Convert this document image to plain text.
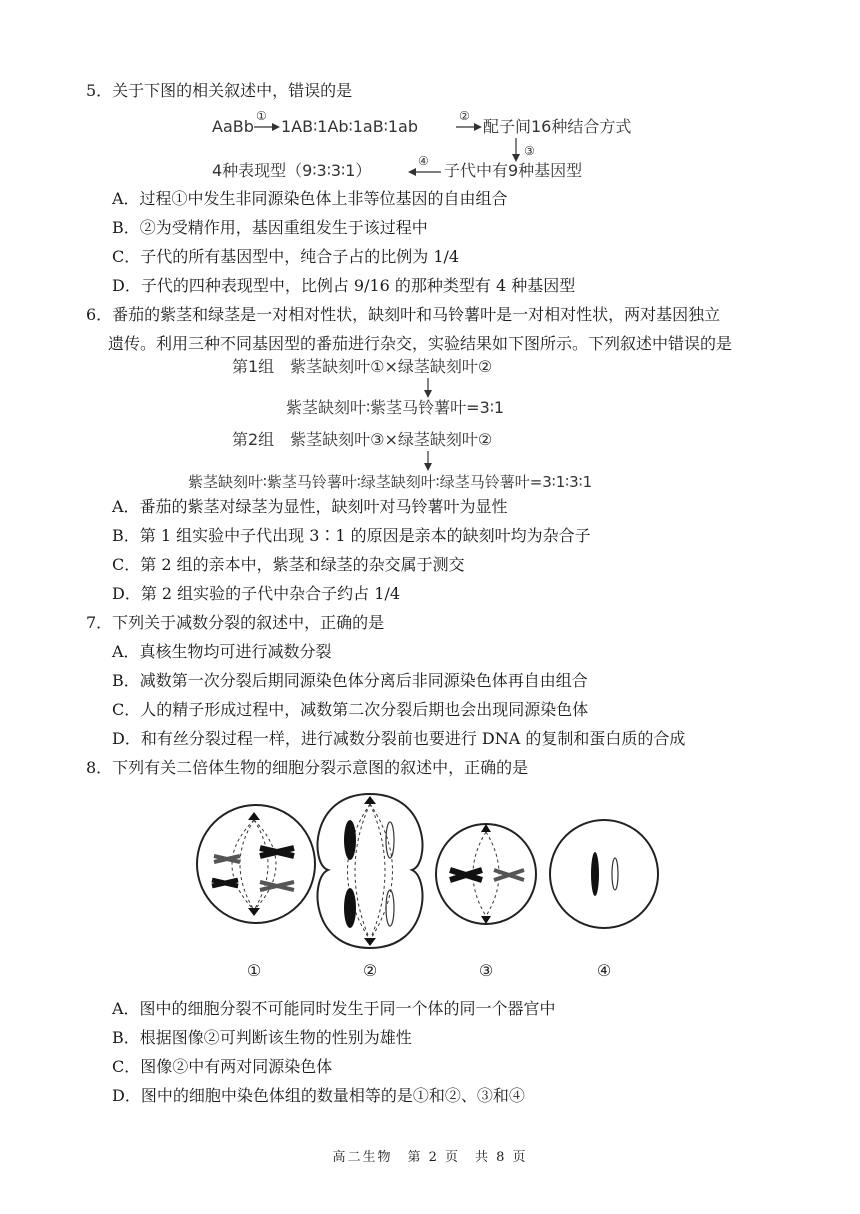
5．关于下图的相关叙述中，错误的是
AaBb
①
1AB∶1Ab∶1aB∶1ab
②
配子间16种结合方式
③
4种表现型（9∶3∶3∶1）	④ 子代中有9种基因型
A．过程①中发生非同源染色体上非等位基因的自由组合
B．②为受精作用，基因重组发生于该过程中
C．子代的所有基因型中，纯合子占的比例为 1/4
D．子代的四种表现型中，比例占 9/16 的那种类型有 4 种基因型
6．番茄的紫茎和绿茎是一对相对性状，缺刻叶和马铃薯叶是一对相对性状，两对基因独立
遗传。利用三种不同基因型的番茄进行杂交，实验结果如下图所示。下列叙述中错误的是
第1组　紫茎缺刻叶①×绿茎缺刻叶②
紫茎缺刻叶∶紫茎马铃薯叶=3∶1
第2组　紫茎缺刻叶③×绿茎缺刻叶②
紫茎缺刻叶∶紫茎马铃薯叶∶绿茎缺刻叶∶绿茎马铃薯叶=3∶1∶3∶1
A．番茄的紫茎对绿茎为显性，缺刻叶对马铃薯叶为显性
B．第 1 组实验中子代出现 3∶1 的原因是亲本的缺刻叶均为杂合子
C．第 2 组的亲本中，紫茎和绿茎的杂交属于测交
D．第 2 组实验的子代中杂合子约占 1/4
7．下列关于减数分裂的叙述中，正确的是
A．真核生物均可进行减数分裂
B．减数第一次分裂后期同源染色体分离后非同源染色体再自由组合
C．人的精子形成过程中，减数第二次分裂后期也会出现同源染色体
D．和有丝分裂过程一样，进行减数分裂前也要进行 DNA 的复制和蛋白质的合成
8．下列有关二倍体生物的细胞分裂示意图的叙述中，正确的是
①	②	③	④
A．图中的细胞分裂不可能同时发生于同一个体的同一个器官中
B．根据图像②可判断该生物的性别为雄性
C．图像②中有两对同源染色体
D．图中的细胞中染色体组的数量相等的是①和②、③和④
高二生物　第 2 页　共 8 页
